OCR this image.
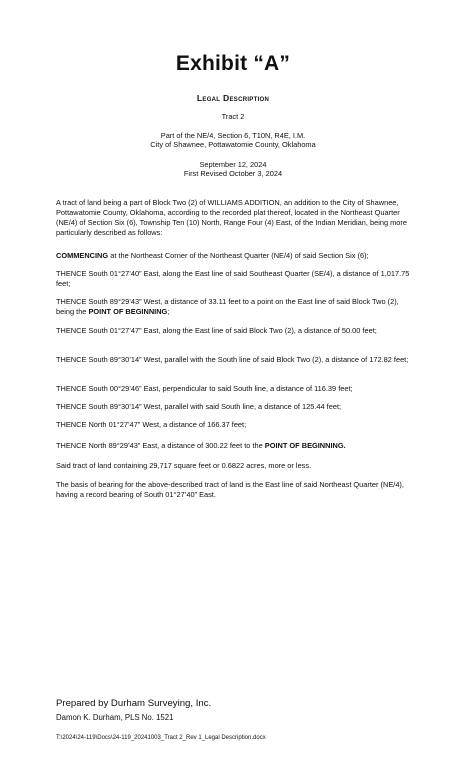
Exhibit “A”
Legal Description
Tract 2
Part of the NE/4, Section 6, T10N, R4E, I.M.
City of Shawnee, Pottawatomie County, Oklahoma
September 12, 2024
First Revised October 3, 2024

A tract of land being a part of Block Two (2) of WILLIAMS ADDITION, an addition to the City of Shawnee, Pottawatomie County, Oklahoma, according to the recorded plat thereof, located in the Northeast Quarter (NE/4) of Section Six (6), Township Ten (10) North, Range Four (4) East, of the Indian Meridian, being more particularly described as follows:

COMMENCING at the Northeast Corner of the Northeast Quarter (NE/4) of said Section Six (6);

THENCE South 01°27’40” East, along the East line of said Southeast Quarter (SE/4), a distance of 1,017.75 feet;

THENCE South 89°29’43” West, a distance of 33.11 feet to a point on the East line of said Block Two (2), being the POINT OF BEGINNING;

THENCE South 01°27’47” East, along the East line of said Block Two (2), a distance of 50.00 feet;

THENCE South 89°30’14” West, parallel with the South line of said Block Two (2), a distance of 172.82 feet;

THENCE South 00°29’46” East, perpendicular to said South line, a distance of 116.39 feet;

THENCE South 89°30’14” West, parallel with said South line, a distance of 125.44 feet;

THENCE North 01°27’47” West, a distance of 166.37 feet;

THENCE North 89°29’43” East, a distance of 300.22 feet to the POINT OF BEGINNING.

Said tract of land containing 29,717 square feet or 0.6822 acres, more or less.

The basis of bearing for the above-described tract of land is the East line of said Northeast Quarter (NE/4), having a record bearing of South 01°27’40” East.

Prepared by Durham Surveying, Inc.
Damon K. Durham, PLS No. 1521
T:\2024\24-119\Docs\24-119_20241003_Tract 2_Rev 1_Legal Description.docx
